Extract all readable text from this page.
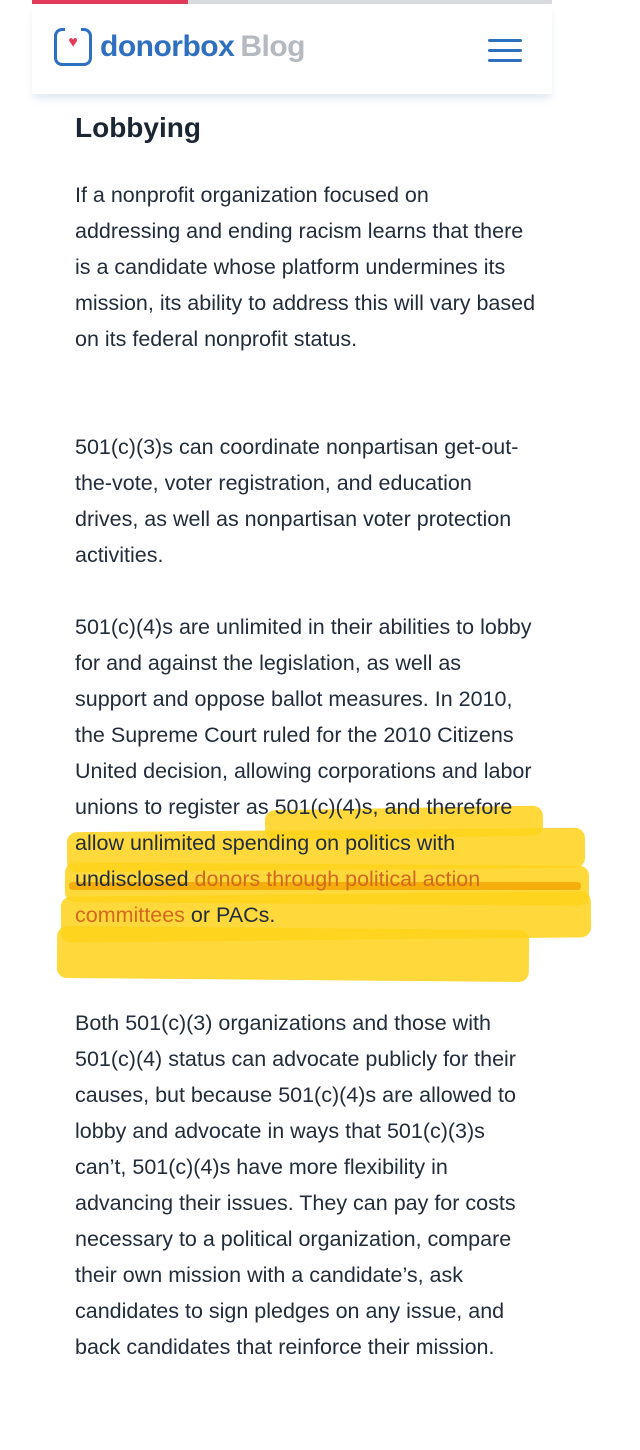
♥ donorbox Blog
Lobbying

If a nonprofit organization focused on addressing and ending racism learns that there is a candidate whose platform undermines its mission, its ability to address this will vary based on its federal nonprofit status.

501(c)(3)s can coordinate nonpartisan get-out-the-vote, voter registration, and education drives, as well as nonpartisan voter protection activities.

501(c)(4)s are unlimited in their abilities to lobby for and against the legislation, as well as support and oppose ballot measures. In 2010, the Supreme Court ruled for the 2010 Citizens United decision, allowing corporations and labor unions to register as 501(c)(4)s, and therefore allow unlimited spending on politics with undisclosed donors through political action committees or PACs.

Both 501(c)(3) organizations and those with 501(c)(4) status can advocate publicly for their causes, but because 501(c)(4)s are allowed to lobby and advocate in ways that 501(c)(3)s can’t, 501(c)(4)s have more flexibility in advancing their issues. They can pay for costs necessary to a political organization, compare their own mission with a candidate’s, ask candidates to sign pledges on any issue, and back candidates that reinforce their mission.
